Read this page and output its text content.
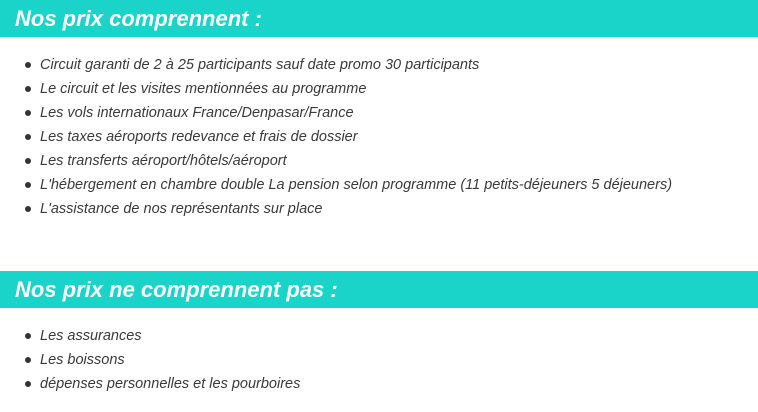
Nos prix comprennent :
Circuit garanti de 2 à 25 participants sauf date promo 30 participants
Le circuit et les visites mentionnées au programme
Les vols internationaux France/Denpasar/France
Les taxes aéroports redevance et frais de dossier
Les transferts aéroport/hôtels/aéroport
L'hébergement en chambre double La pension selon programme (11 petits-déjeuners 5 déjeuners)
L'assistance de nos représentants sur place
Nos prix ne comprennent pas :
Les assurances
Les boissons
dépenses personnelles et les pourboires
